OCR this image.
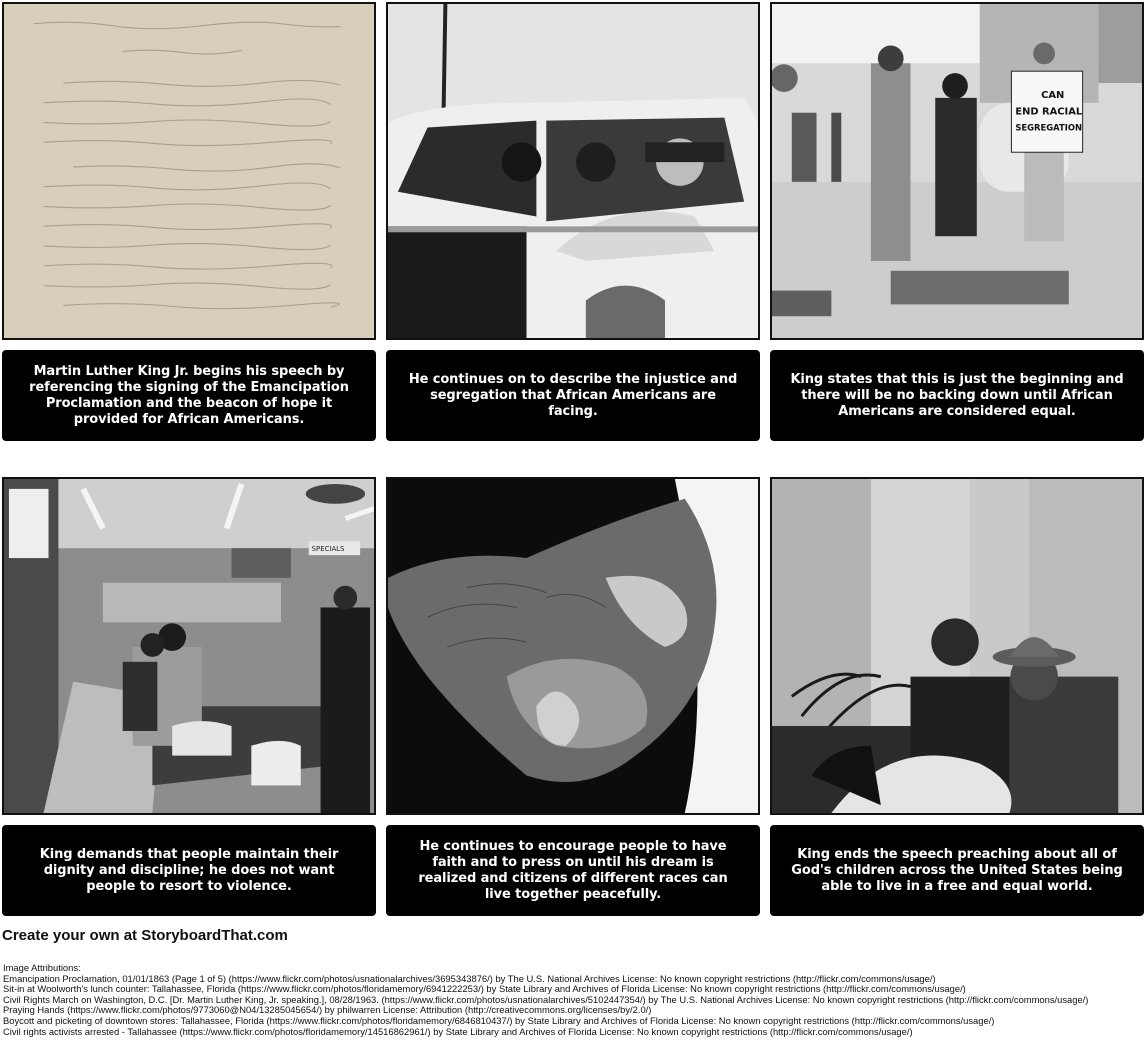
CAN
END RACIAL
SEGREGATION
Martin Luther King Jr. begins his speech by referencing the signing of the Emancipation Proclamation and the beacon of hope it provided for African Americans.
He continues on to describe the injustice and segregation that African Americans are facing.
King states that this is just the beginning and there will be no backing down until African Americans are considered equal.
SPECIALS
King demands that people maintain their dignity and discipline; he does not want people to resort to violence.
He continues to encourage people to have faith and to press on until his dream is realized and citizens of different races can live together peacefully.
King ends the speech preaching about all of God's children across the United States being able to live in a free and equal world.
Create your own at StoryboardThat.com
Image Attributions:
Emancipation Proclamation, 01/01/1863 (Page 1 of 5) (https://www.flickr.com/photos/usnationalarchives/3695343876/) by The U.S. National Archives License: No known copyright restrictions (http://flickr.com/commons/usage/)
Sit-in at Woolworth's lunch counter: Tallahassee, Florida (https://www.flickr.com/photos/floridamemory/6941222253/) by State Library and Archives of Florida License: No known copyright restrictions (http://flickr.com/commons/usage/)
Civil Rights March on Washington, D.C. [Dr. Martin Luther King, Jr. speaking.], 08/28/1963. (https://www.flickr.com/photos/usnationalarchives/5102447354/) by The U.S. National Archives License: No known copyright restrictions (http://flickr.com/commons/usage/)
Praying Hands (https://www.flickr.com/photos/9773060@N04/13285045654/) by philwarren License: Attribution (http://creativecommons.org/licenses/by/2.0/)
Boycott and picketing of downtown stores: Tallahassee, Florida (https://www.flickr.com/photos/floridamemory/6846810437/) by State Library and Archives of Florida License: No known copyright restrictions (http://flickr.com/commons/usage/)
Civil rights activists arrested - Tallahassee (https://www.flickr.com/photos/floridamemory/14516862961/) by State Library and Archives of Florida License: No known copyright restrictions (http://flickr.com/commons/usage/)
